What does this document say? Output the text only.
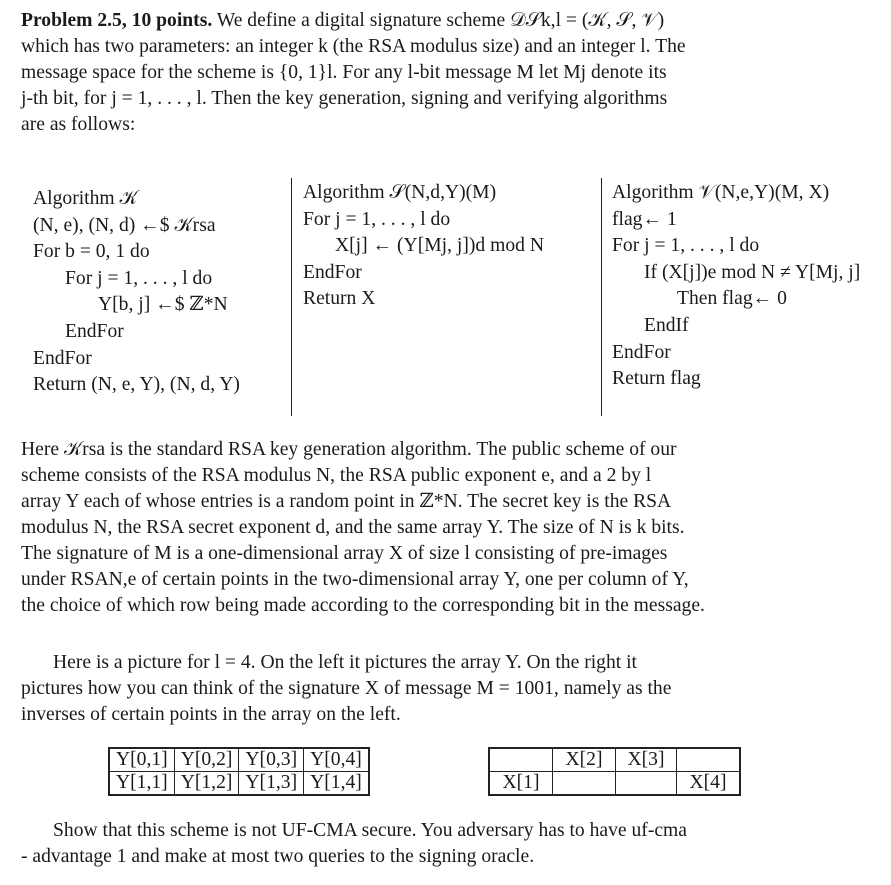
Problem 2.5, 10 points. We define a digital signature scheme 𝒟𝒮k,l = (𝒦, 𝒮, 𝒱)
which has two parameters: an integer k (the RSA modulus size) and an integer l. The
message space for the scheme is {0, 1}l. For any l-bit message M let Mj denote its
j-th bit, for j = 1, . . . , l. Then the key generation, signing and verifying algorithms
are as follows:
Algorithm 𝒦
(N, e), (N, d) ←$ 𝒦rsa
For b = 0, 1 do
For j = 1, . . . , l do
Y[b, j] ←$ ℤ*N
EndFor
EndFor
Return (N, e, Y), (N, d, Y)
Algorithm 𝒮(N,d,Y)(M)
For j = 1, . . . , l do
X[j] ← (Y[Mj, j])d mod N
EndFor
Return X
Algorithm 𝒱(N,e,Y)(M, X)
flag← 1
For j = 1, . . . , l do
If (X[j])e mod N ≠ Y[Mj, j]
Then flag← 0
EndIf
EndFor
Return flag
Here 𝒦rsa is the standard RSA key generation algorithm. The public scheme of our
scheme consists of the RSA modulus N, the RSA public exponent e, and a 2 by l
array Y each of whose entries is a random point in ℤ*N. The secret key is the RSA
modulus N, the RSA secret exponent d, and the same array Y. The size of N is k bits.
The signature of M is a one-dimensional array X of size l consisting of pre-images
under RSAN,e of certain points in the two-dimensional array Y, one per column of Y,
the choice of which row being made according to the corresponding bit in the message.
Here is a picture for l = 4. On the left it pictures the array Y. On the right it
pictures how you can think of the signature X of message M = 1001, namely as the
inverses of certain points in the array on the left.
Y[0,1]	Y[0,2]	Y[0,3]	Y[0,4]
Y[1,1]	Y[1,2]	Y[1,3]	Y[1,4]
	X[2]	X[3]	
X[1]			X[4]
Show that this scheme is not UF-CMA secure. You adversary has to have uf-cma
- advantage 1 and make at most two queries to the signing oracle.
